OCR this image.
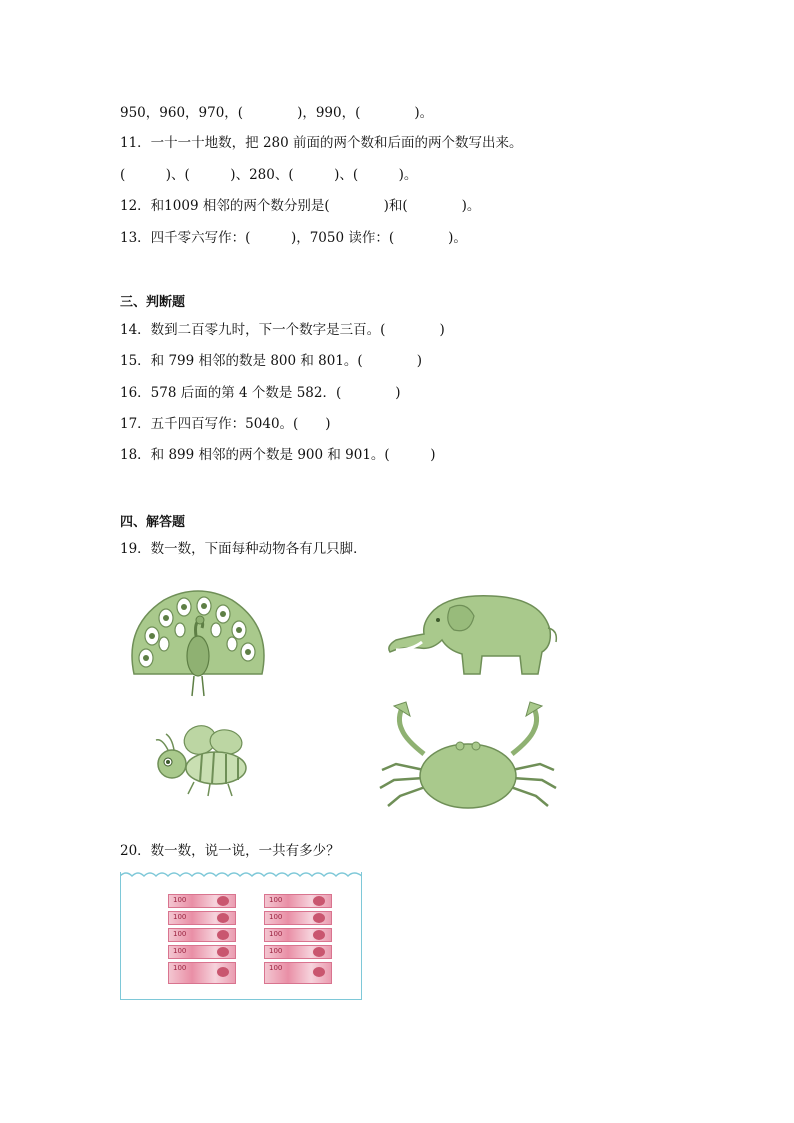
950，960，970，(　　　　)，990，(　　　　)。
11．一十一十地数，把 280 前面的两个数和后面的两个数写出来。
(　　　)、(　　　)、280、(　　　)、(　　　)。
12．和1009 相邻的两个数分别是(　　　　)和(　　　　)。
13．四千零六写作：(　　　)，7050 读作：(　　　　)。
三、判断题
14．数到二百零九时，下一个数字是三百。(　　　　)
15．和 799 相邻的数是 800 和 801。(　　　　)
16．578 后面的第 4 个数是 582．(　　　　)
17．五千四百写作：5040。(　　)
18．和 899 相邻的两个数是 900 和 901。(　　　)
四、解答题
19．数一数，下面每种动物各有几只脚．
20．数一数，说一说，一共有多少？
100
100
100
100
100
100
100
100
100
100
